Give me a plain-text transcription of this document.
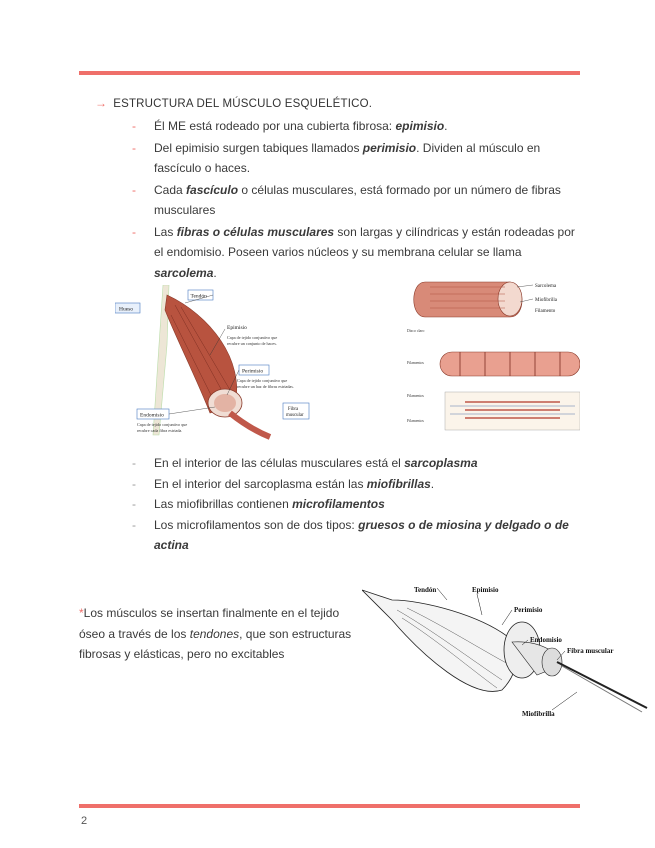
→ ESTRUCTURA DEL MÚSCULO ESQUELÉTICO.
- Él ME está rodeado por una cubierta fibrosa: epimisio.
- Del epimisio surgen tabiques llamados perimisio. Dividen al músculo en fascículo o haces.
- Cada fascículo o células musculares, está formado por un número de fibras musculares
- Las fibras o células musculares son largas y cilíndricas y están rodeadas por el endomisio. Poseen varios núcleos y su membrana celular se llama sarcolema.
Tendón
Hueso
Epimisio
Capa de tejido conjuntivo que
recubre un conjunto de haces.
Perimisio
Capa de tejido conjuntivo que
recubre un haz de fibras estriadas.
Endomisio
Capa de tejido conjuntivo que
recubre cada fibra estriada.
Fibra
muscular
Sarcolema
Miofibrilla
Filamento
Disco claro
Filamentos
Filamentos
Filamentos
- En el interior de las células musculares está el sarcoplasma
- En el interior del sarcoplasma están las miofibrillas.
- Las miofibrillas contienen microfilamentos
- Los microfilamentos son de dos tipos: gruesos o de miosina y delgado o de actina
*Los músculos se insertan finalmente en el tejido óseo a través de los tendones, que son estructuras fibrosas y elásticas, pero no excitables
Tendón	Epimisio
Perimisio
Endomisio
Fibra muscular
Miofibrilla
2
